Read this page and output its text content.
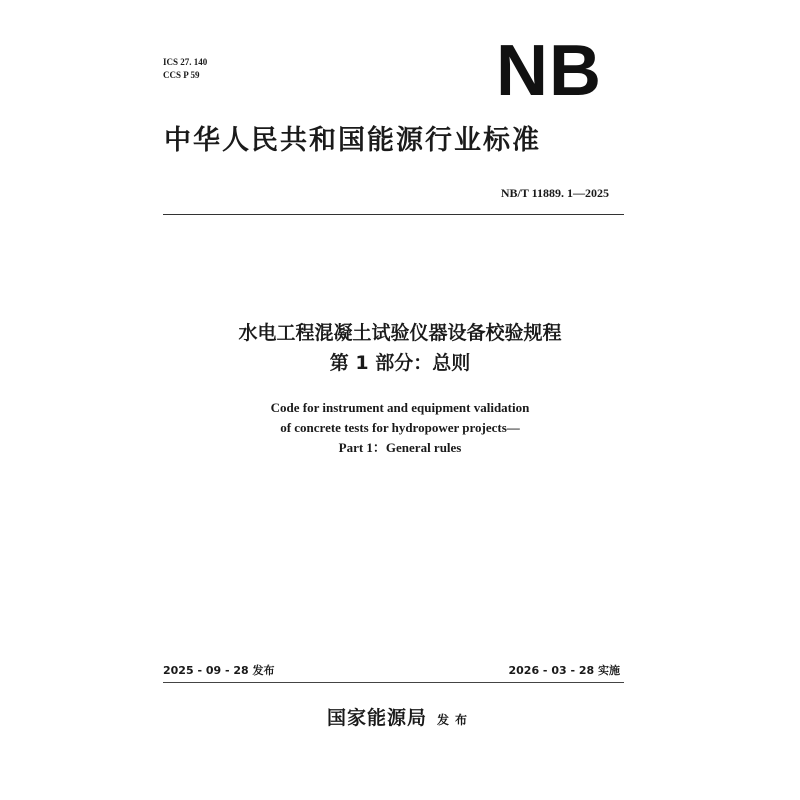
ICS 27. 140
CCS P 59	NB
中华人民共和国能源行业标准
NB/T 11889. 1—2025
水电工程混凝土试验仪器设备校验规程
第 1 部分：总则
Code for instrument and equipment validation
of concrete tests for hydropower projects—
Part 1：General rules
2025 - 09 - 28 发布	2026 - 03 - 28 实施
国家能源局 发布
